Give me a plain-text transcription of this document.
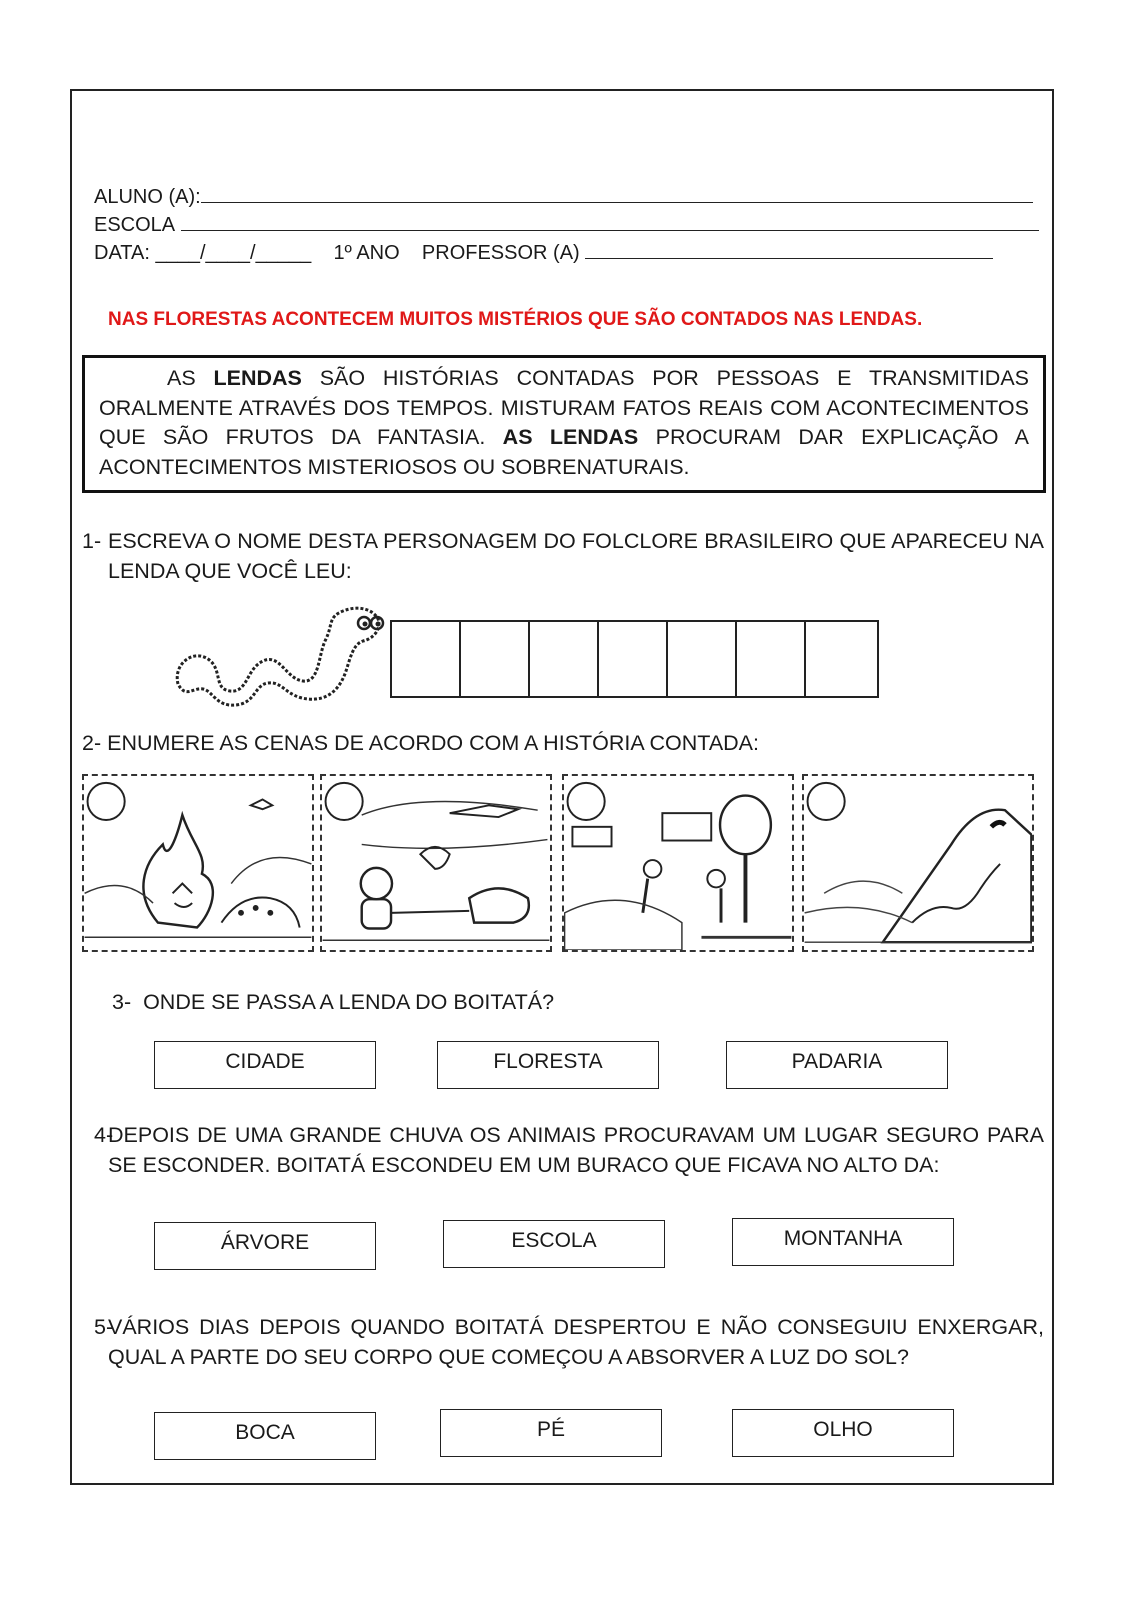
ALUNO (A):
ESCOLA
DATA: ____/____/_____ 1º ANO PROFESSOR (A)
NAS FLORESTAS ACONTECEM MUITOS MISTÉRIOS QUE SÃO CONTADOS NAS LENDAS.
AS LENDAS SÃO HISTÓRIAS CONTADAS POR PESSOAS E TRANSMITIDAS ORALMENTE ATRAVÉS DOS TEMPOS. MISTURAM FATOS REAIS COM ACONTECIMENTOS QUE SÃO FRUTOS DA FANTASIA. AS LENDAS PROCURAM DAR EXPLICAÇÃO A ACONTECIMENTOS MISTERIOSOS OU SOBRENATURAIS.
1- ESCREVA O NOME DESTA PERSONAGEM DO FOLCLORE BRASILEIRO QUE APARECEU NA LENDA QUE VOCÊ LEU:
2- ENUMERE AS CENAS DE ACORDO COM A HISTÓRIA CONTADA:
3- ONDE SE PASSA A LENDA DO BOITATÁ?
CIDADE	FLORESTA	PADARIA
4-
DEPOIS DE UMA GRANDE CHUVA OS ANIMAIS PROCURAVAM UM LUGAR SEGURO PARA SE ESCONDER. BOITATÁ ESCONDEU EM UM BURACO QUE FICAVA NO ALTO DA:
ÁRVORE	ESCOLA	MONTANHA
5-
VÁRIOS DIAS DEPOIS QUANDO BOITATÁ DESPERTOU E NÃO CONSEGUIU ENXERGAR, QUAL A PARTE DO SEU CORPO QUE COMEÇOU A ABSORVER A LUZ DO SOL?
BOCA	PÉ	OLHO
